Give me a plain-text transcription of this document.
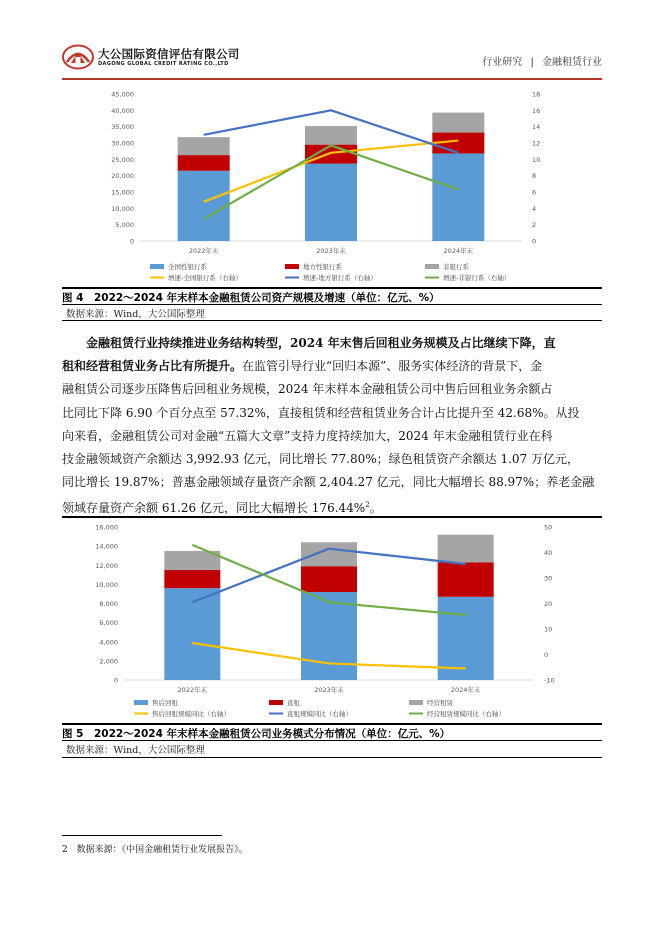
大公国际资信评估有限公司
DAGONG GLOBAL CREDIT RATING CO.,LTD	行业研究 | 金融租赁行业
45,000
40,000
35,000
30,000
25,000
20,000
15,000
10,000
5,000
0
18
16
14
12
10
8
6
4
2
0
2022年末	2023年末	2024年末
全国性银行系	地方性银行系	非银行系
增速-全国银行系（右轴）	增速-地方银行系（右轴）	增速-非银行系（右轴）
图 4　2022～2024 年末样本金融租赁公司资产规模及增速（单位：亿元、%）
数据来源：Wind，大公国际整理
金融租赁行业持续推进业务结构转型，2024 年末售后回租业务规模及占比继续下降，直
租和经营租赁业务占比有所提升。在监管引导行业“回归本源”、服务实体经济的背景下，金
融租赁公司逐步压降售后回租业务规模，2024 年末样本金融租赁公司中售后回租业务余额占
比同比下降 6.90 个百分点至 57.32%，直接租赁和经营租赁业务合计占比提升至 42.68%。从投
向来看，金融租赁公司对金融“五篇大文章”支持力度持续加大，2024 年末金融租赁行业在科
技金融领域资产余额达 3,992.93 亿元，同比增长 77.80%；绿色租赁资产余额达 1.07 万亿元，
同比增长 19.87%；普惠金融领域存量资产余额 2,404.27 亿元，同比大幅增长 88.97%；养老金融
领域存量资产余额 61.26 亿元，同比大幅增长 176.44%$^2$。
16,000
14,000
12,000
10,000
8,000
6,000
4,000
2,000
0
50
40
30
20
10
0
-10
2022年末	2023年末	2024年末
售后回租	直租	经营租赁
售后回租规模同比（右轴）	直租规模同比（右轴）	经营租赁规模同比（右轴）
图 5　2022～2024 年末样本金融租赁公司业务模式分布情况（单位：亿元、%）
数据来源：Wind，大公国际整理
2 数据来源：《中国金融租赁行业发展报告》。
